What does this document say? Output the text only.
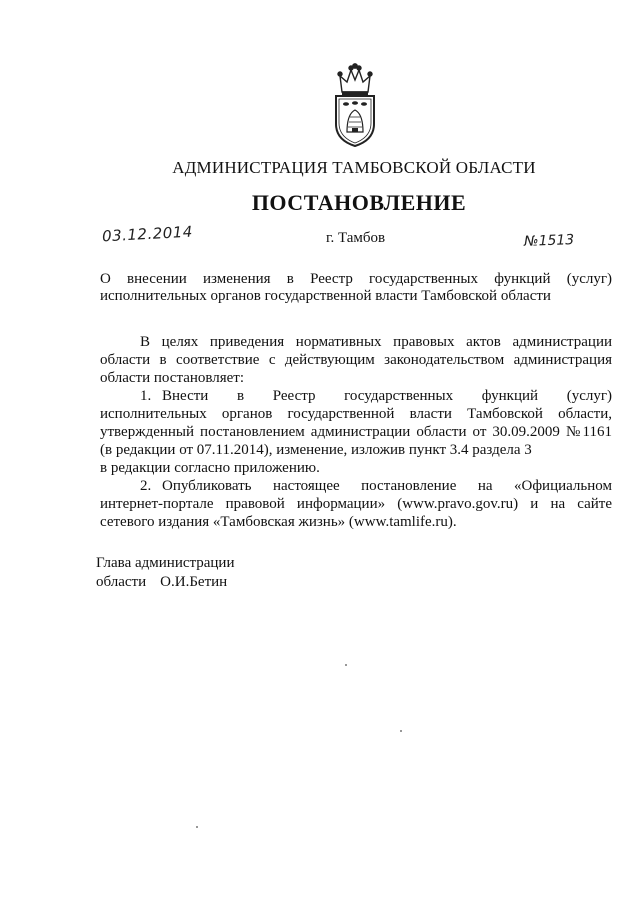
АДМИНИСТРАЦИЯ ТАМБОВСКОЙ ОБЛАСТИ
ПОСТАНОВЛЕНИЕ
03.12.2014	г. Тамбов	№1513
О внесении изменения в Реестр государственных функций (услуг)
исполнительных органов государственной власти Тамбовской области

В целях приведения нормативных правовых актов администрации

области в соответствие с действующим законодательством администрация

области постановляет:

1. Внести в Реестр государственных функций (услуг)

исполнительных органов государственной власти Тамбовской области,

утвержденный постановлением администрации области от 30.09.2009 №1161

(в редакции от 07.11.2014), изменение, изложив пункт 3.4 раздела 3

в редакции согласно приложению.

2. Опубликовать настоящее постановление на «Официальном

интернет-портале правовой информации» (www.pravo.gov.ru) и на сайте

сетевого издания «Тамбовская жизнь» (www.tamlife.ru).

Глава администрации
области О.И.Бетин
